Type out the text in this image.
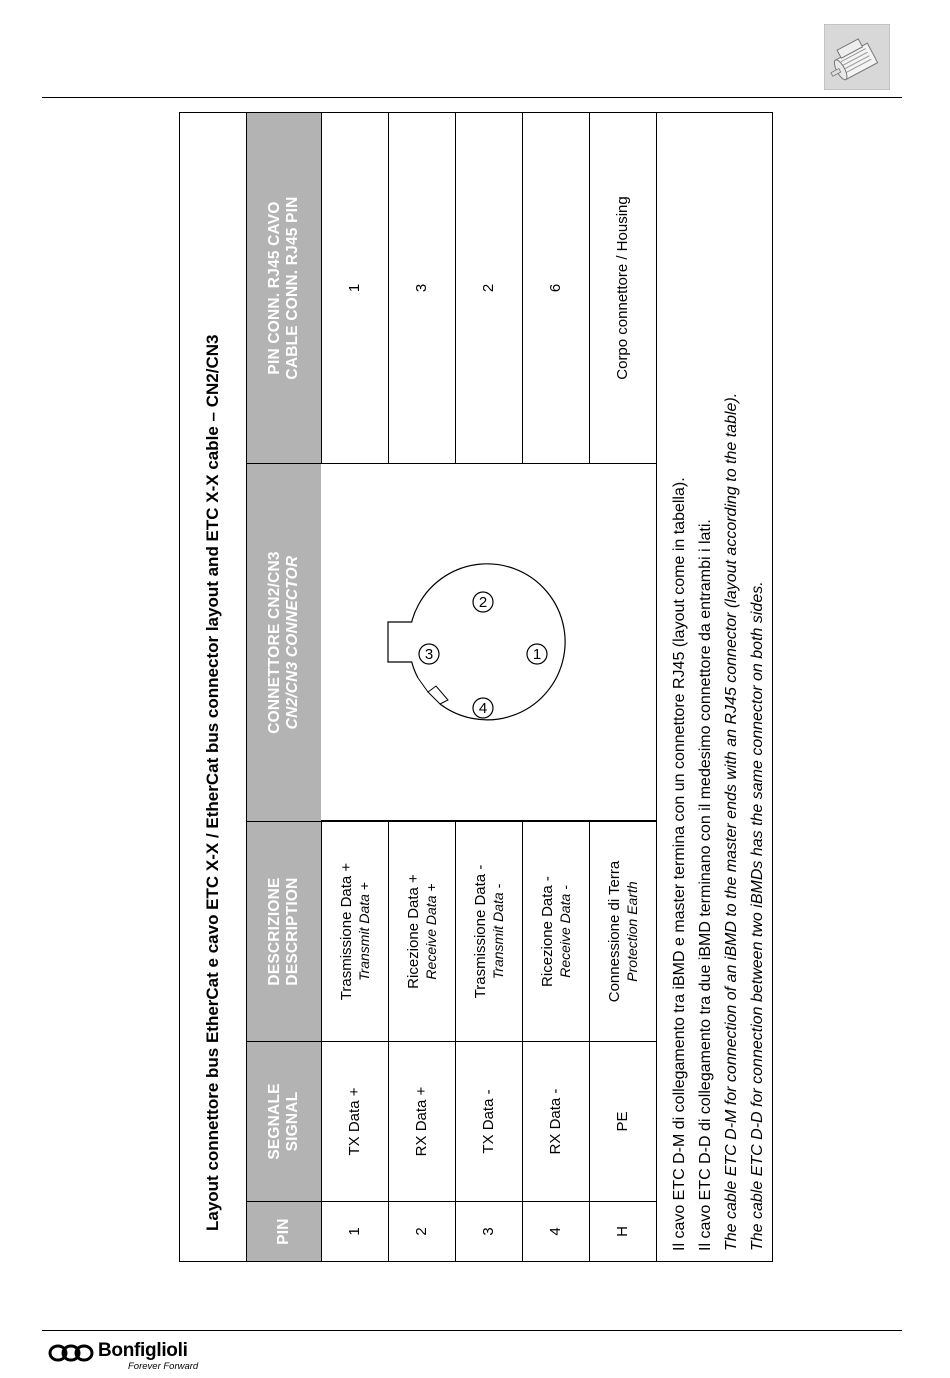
Layout connettore bus EtherCat e cavo ETC X-X / EtherCat bus connector layout and ETC X-X cable – CN2/CN3
PIN
SEGNALE SIGNAL
DESCRIZIONE DESCRIPTION
CONNETTORE CN2/CN3 CN2/CN3 CONNECTOR
PIN CONN. RJ45 CAVO CABLE CONN. RJ45 PIN
1
TX Data +
Trasmissione Data + Transmit Data +
1
2
RX Data +
Ricezione Data + Receive Data +
3
3
TX Data -
Trasmissione Data - Transmit Data -
2
4
RX Data -
Ricezione Data - Receive Data -
6
H
PE
Connessione di Terra Protection Earth
Corpo connettore / Housing
1
2
3
4	Il cavo ETC D-M di collegamento tra iBMD e master termina con un connettore RJ45 (layout come in tabella). Il cavo ETC D-D di collegamento tra due iBMD terminano con il medesimo connettore da entrambi i lati. The cable ETC D-M for connection of an iBMD to the master ends with an RJ45 connector (layout according to the table). The cable ETC D-D for connection between two iBMDs has the same connector on both sides.
Bonfiglioli
Forever Forward
